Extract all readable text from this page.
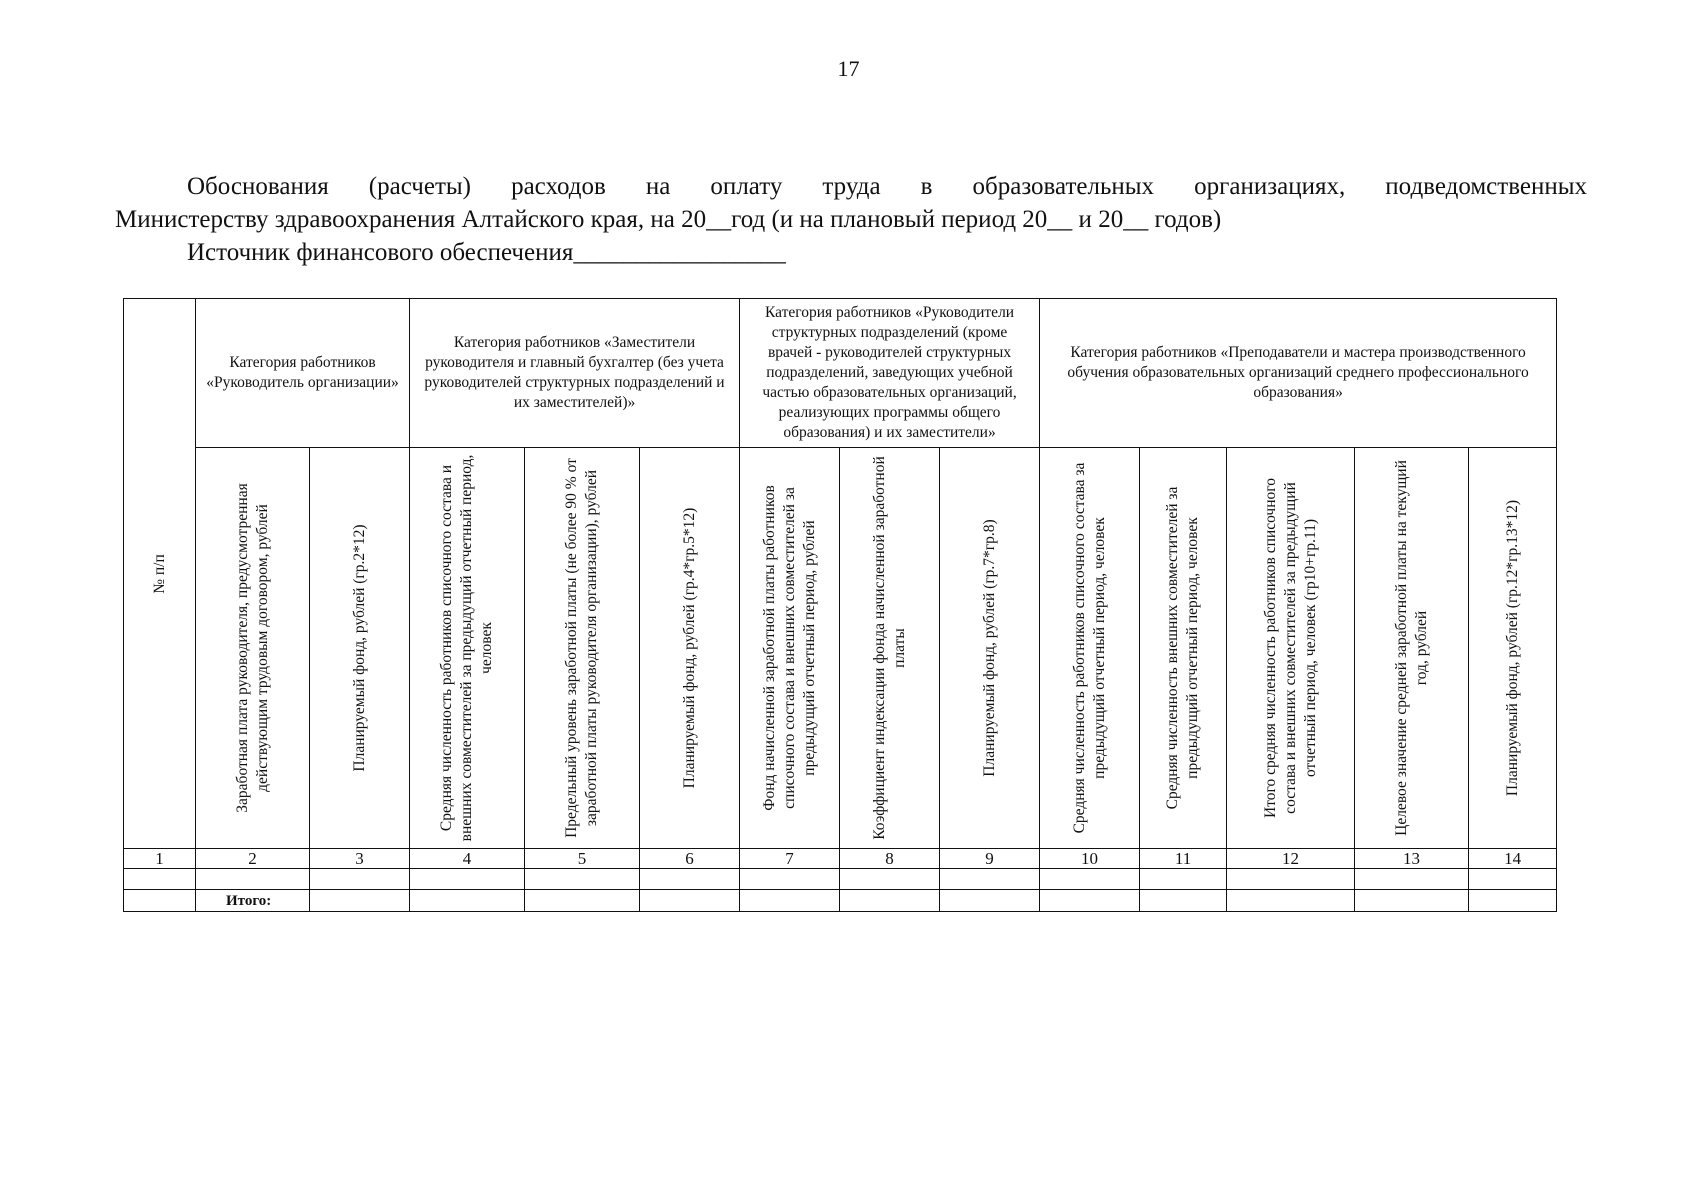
17
Обоснования (расчеты) расходов на оплату труда в образовательных организациях, подведомственных
Министерству здравоохранения Алтайского края, на 20__год (и на плановый период 20__ и 20__ годов)
Источник финансового обеспечения_________________
№ п/п	Категория работников «Руководитель организации»		Категория работников «Заместители руководителя и главный бухгалтер (без учета руководителей структурных подразделений и их заместителей)»			Категория работников «Руководители структурных подразделений (кроме врачей - руководителей структурных подразделений, заведующих учебной частью образовательных организаций, реализующих программы общего образования) и их заместители»			Категория работников «Преподаватели и мастера производственного обучения образовательных организаций среднего профессионального образования»				

	Заработная плата руководителя, предусмотренная действующим трудовым договором, рублей	Планируемый фонд, рублей (гр.2*12)	Средняя численность работников списочного состава и внешних совместителей за предыдущий отчетный период, человек	Предельный уровень заработной платы (не более 90 % от заработной платы руководителя организации), рублей	Планируемый фонд, рублей (гр.4*гр.5*12)	Фонд начисленной заработной платы работников списочного состава и внешних совместителей за предыдущий отчетный период, рублей	Коэффициент индексации фонда начисленной заработной платы	Планируемый фонд, рублей (гр.7*гр.8)	Средняя численность работников списочного состава за предыдущий отчетный период, человек	Средняя численность внешних совместителей за предыдущий отчетный период, человек	Итого средняя численность работников списочного состава и внешних совместителей за предыдущий отчетный период, человек (гр10+гр.11)	Целевое значение средней заработной платы на текущий год, рублей	Планируемый фонд, рублей (гр.12*гр.13*12)

1	2	3	4	5	6	7	8	9	10	11	12	13	14

	Итого:												
